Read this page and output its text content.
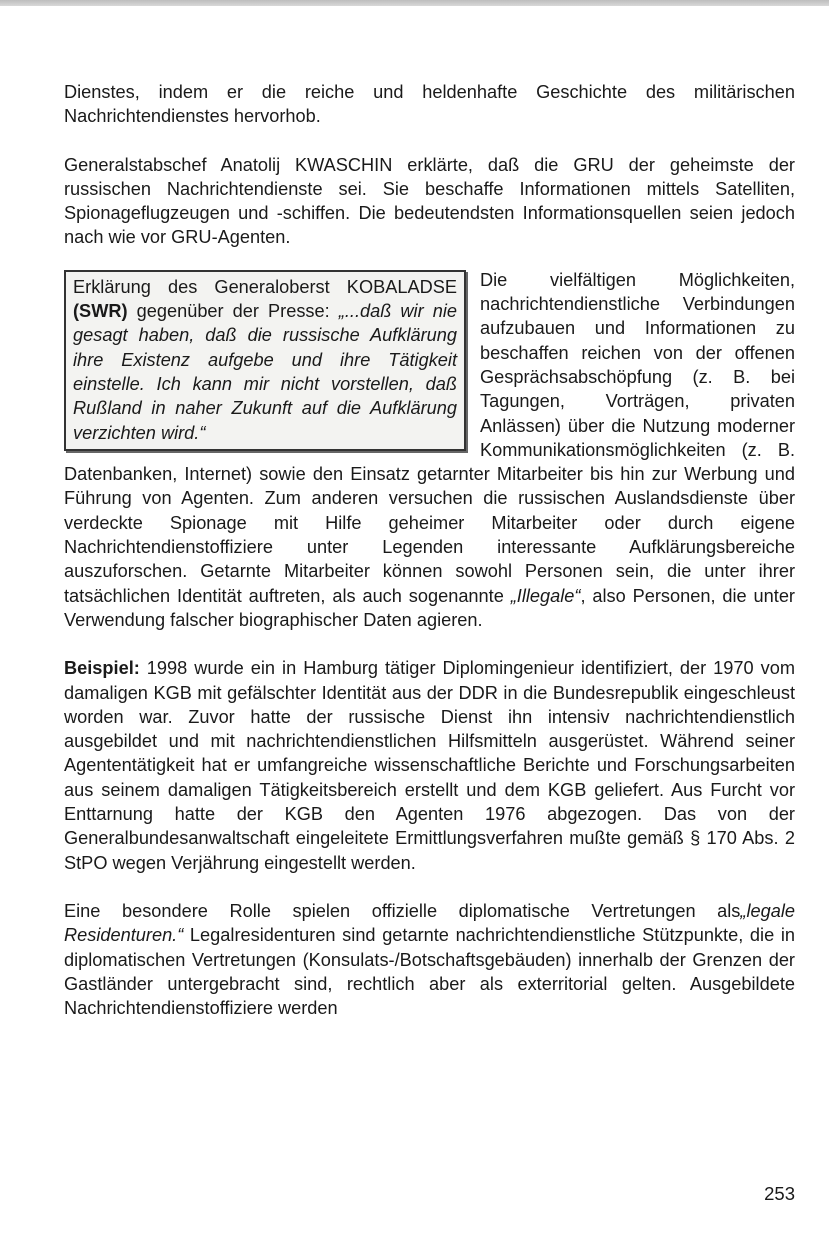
Dienstes, indem er die reiche und heldenhafte Geschichte des militärischen Nachrichtendienstes hervorhob.

Generalstabschef Anatolij KWASCHIN erklärte, daß die GRU der geheimste der russischen Nachrichtendienste sei. Sie beschaffe Informationen mittels Satelliten, Spionageflugzeugen und -schiffen. Die bedeutendsten Informationsquellen seien jedoch nach wie vor GRU-Agenten.

Erklärung des Generaloberst KOBALADSE (SWR) gegenüber der Presse: „...daß wir nie gesagt haben, daß die russische Aufklärung ihre Existenz aufgebe und ihre Tätigkeit einstelle. Ich kann mir nicht vorstellen, daß Rußland in naher Zukunft auf die Aufklärung verzichten wird.“

Die vielfältigen Möglichkeiten, nachrichtendienstliche Verbindungen aufzubauen und Informationen zu beschaffen reichen von der offenen Gesprächsabschöpfung (z. B. bei Tagungen, Vorträgen, privaten Anlässen) über die Nutzung moderner Kommunikationsmöglichkeiten (z. B. Datenbanken, Internet) sowie den Einsatz getarnter Mitarbeiter bis hin zur Werbung und Führung von Agenten. Zum anderen versuchen die russischen Auslandsdienste über verdeckte Spionage mit Hilfe geheimer Mitarbeiter oder durch eigene Nachrichtendienstoffiziere unter Legenden interessante Aufklärungsbereiche auszuforschen. Getarnte Mitarbeiter können sowohl Personen sein, die unter ihrer tatsächlichen Identität auftreten, als auch sogenannte „Illegale“, also Personen, die unter Verwendung falscher biographischer Daten agieren.

Beispiel: 1998 wurde ein in Hamburg tätiger Diplomingenieur identifiziert, der 1970 vom damaligen KGB mit gefälschter Identität aus der DDR in die Bundesrepublik eingeschleust worden war. Zuvor hatte der russische Dienst ihn intensiv nachrichtendienstlich ausgebildet und mit nachrichtendienstlichen Hilfsmitteln ausgerüstet. Während seiner Agententätigkeit hat er umfangreiche wissenschaftliche Berichte und Forschungsarbeiten aus seinem damaligen Tätigkeitsbereich erstellt und dem KGB geliefert. Aus Furcht vor Enttarnung hatte der KGB den Agenten 1976 abgezogen. Das von der Generalbundesanwaltschaft eingeleitete Ermittlungsverfahren mußte gemäß § 170 Abs. 2 StPO wegen Verjährung eingestellt werden.

Eine besondere Rolle spielen offizielle diplomatische Vertretungen als„legale Residenturen.“ Legalresidenturen sind getarnte nachrichtendienstliche Stützpunkte, die in diplomatischen Vertretungen (Konsulats-/Botschaftsgebäuden) innerhalb der Grenzen der Gastländer untergebracht sind, rechtlich aber als exterritorial gelten. Ausgebildete Nachrichtendienstoffiziere werden

253
